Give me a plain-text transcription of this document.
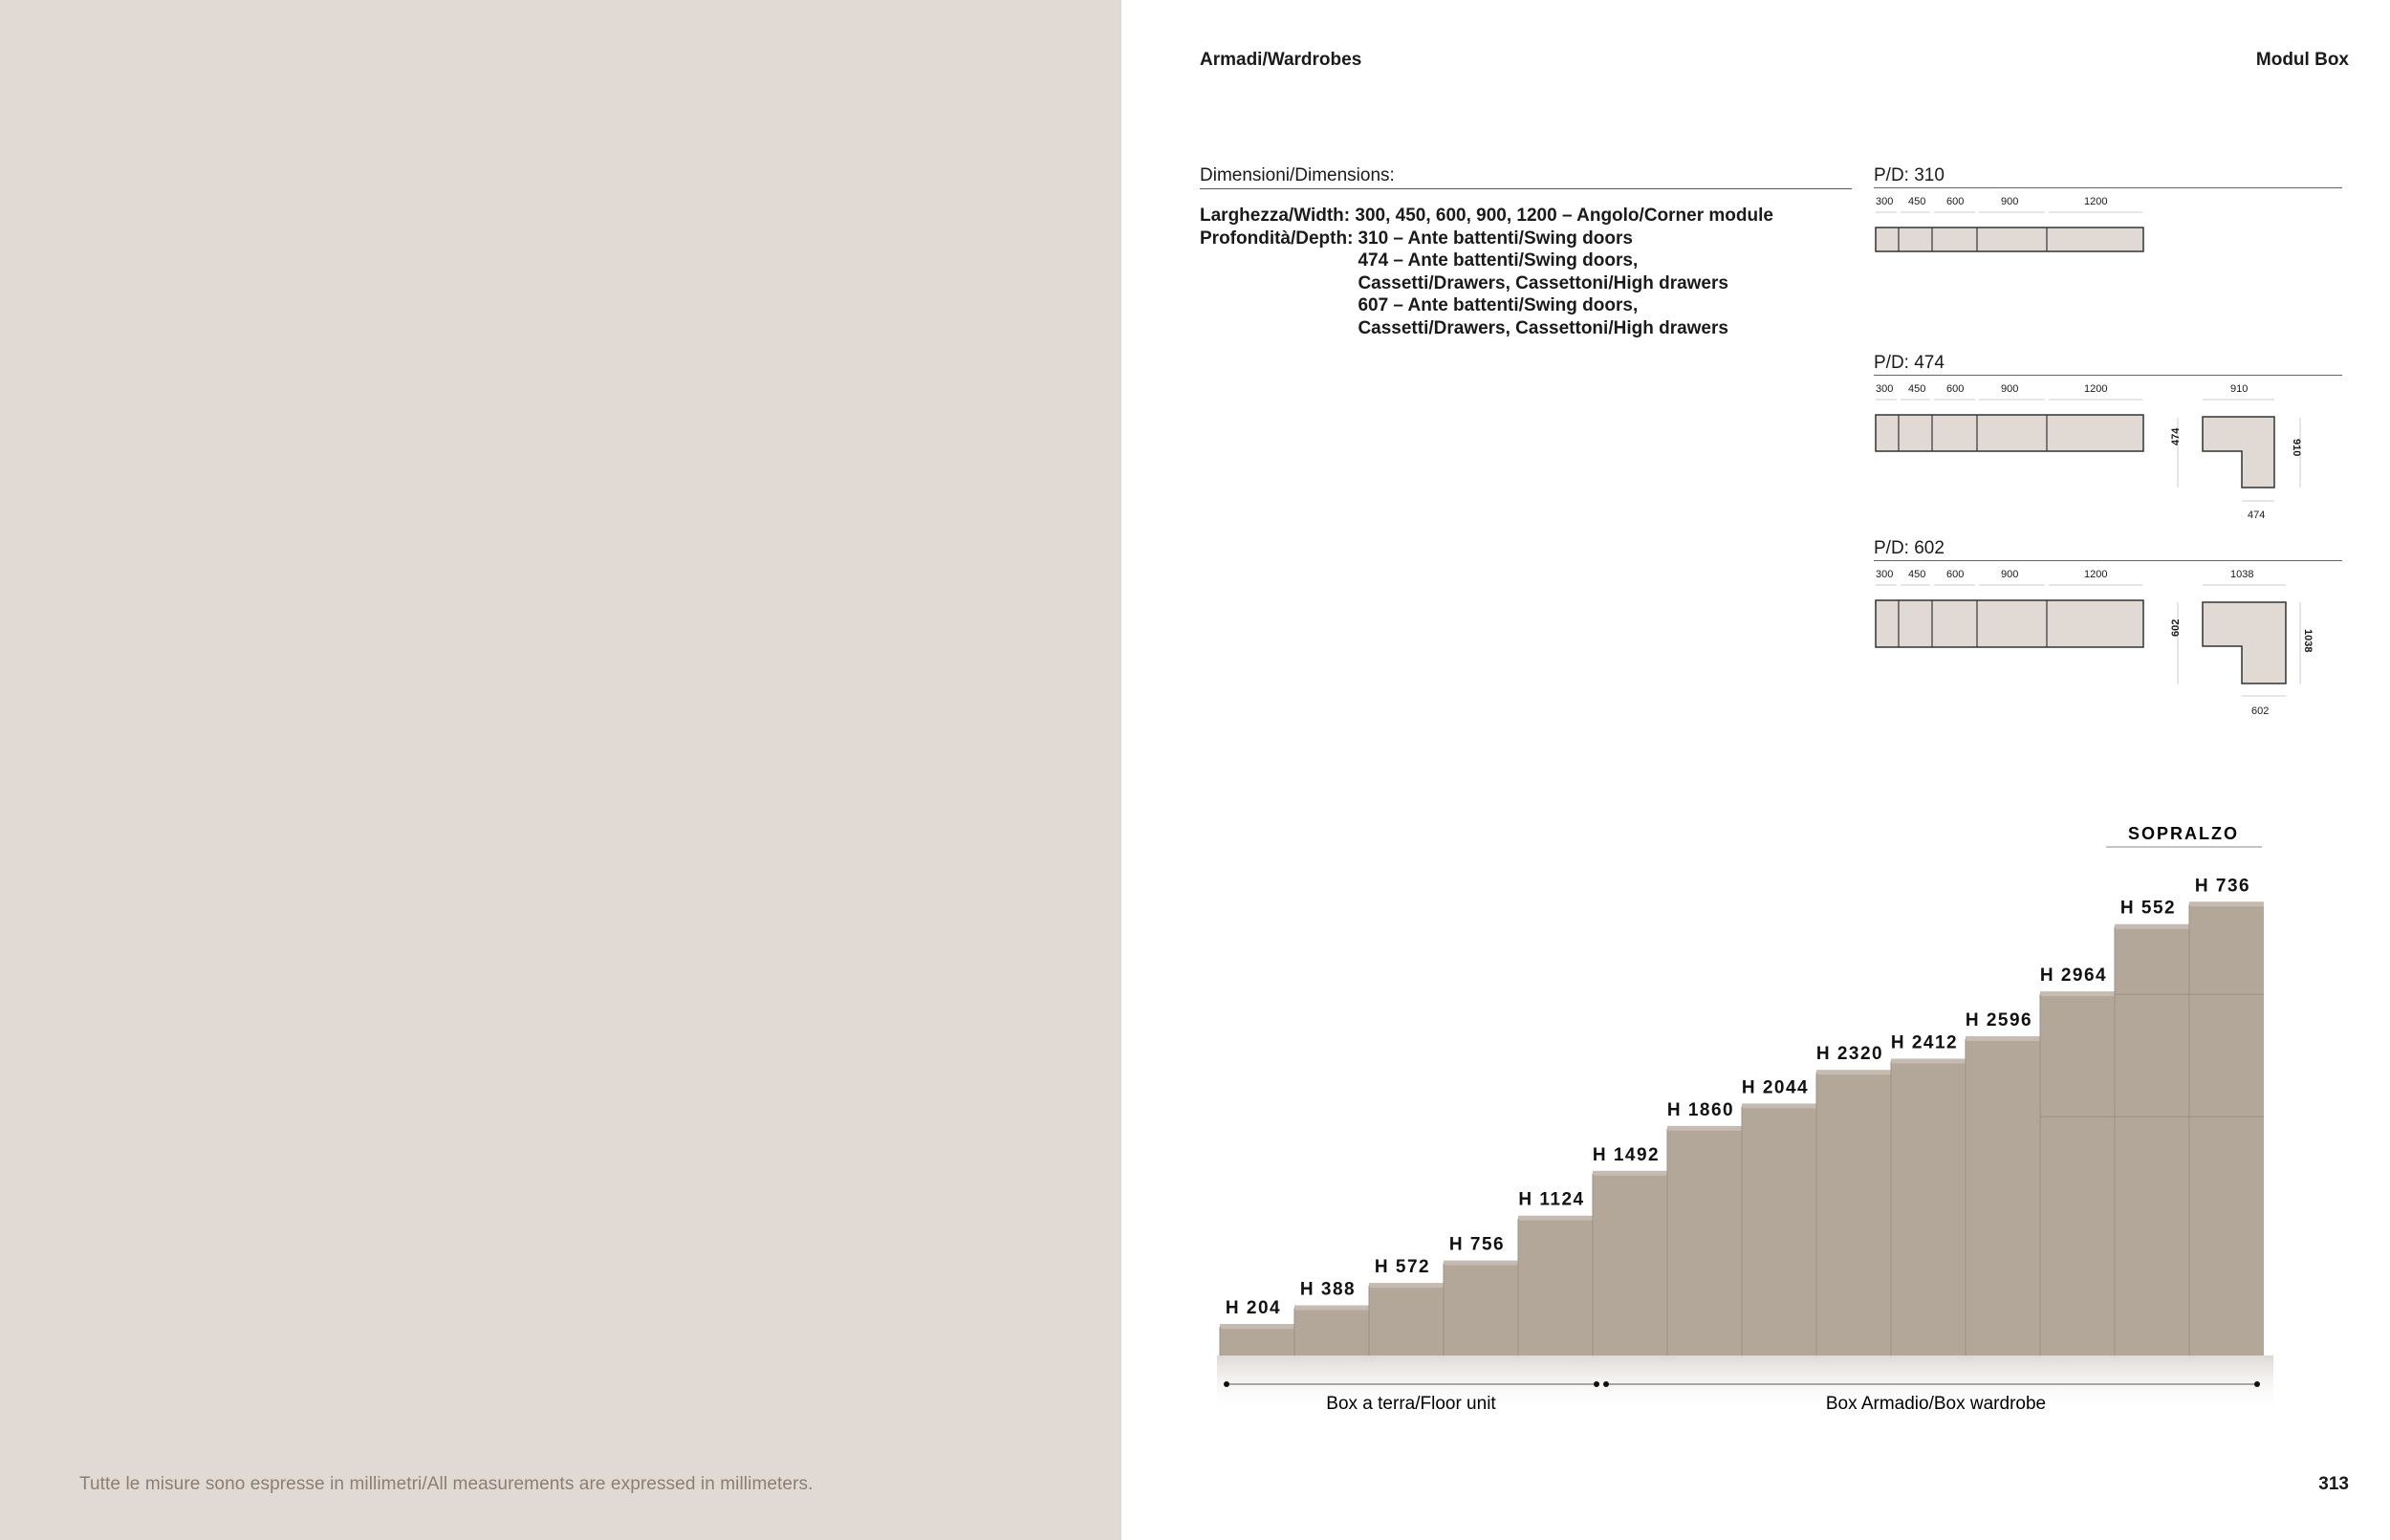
Tutte le misure sono espresse in millimetri/All measurements are expressed in millimeters.
Armadi/Wardrobes	Modul Box
Dimensioni/Dimensions:
Larghezza/Width: 300, 450, 600, 900, 1200 – Angolo/Corner module
Profondità/Depth: 310 – Ante battenti/Swing doors
474 – Ante battenti/Swing doors,
Cassetti/Drawers, Cassettoni/High drawers
607 – Ante battenti/Swing doors,
Cassetti/Drawers, Cassettoni/High drawers
P/D: 310
P/D: 474
P/D: 602
300 450 600	900	1200
300 450 600	900	1200	910
474
910
474
300 450 600	900	1200	1038
602
1038
602
H 204
H 388
H 572
H 756
H 1124
H 1492
H 1860
H 2044
H 2320
H 2412
H 2596
H 2964
H 552
H 736
SOPRALZO
Box a terra/Floor unit	Box Armadio/Box wardrobe
313
